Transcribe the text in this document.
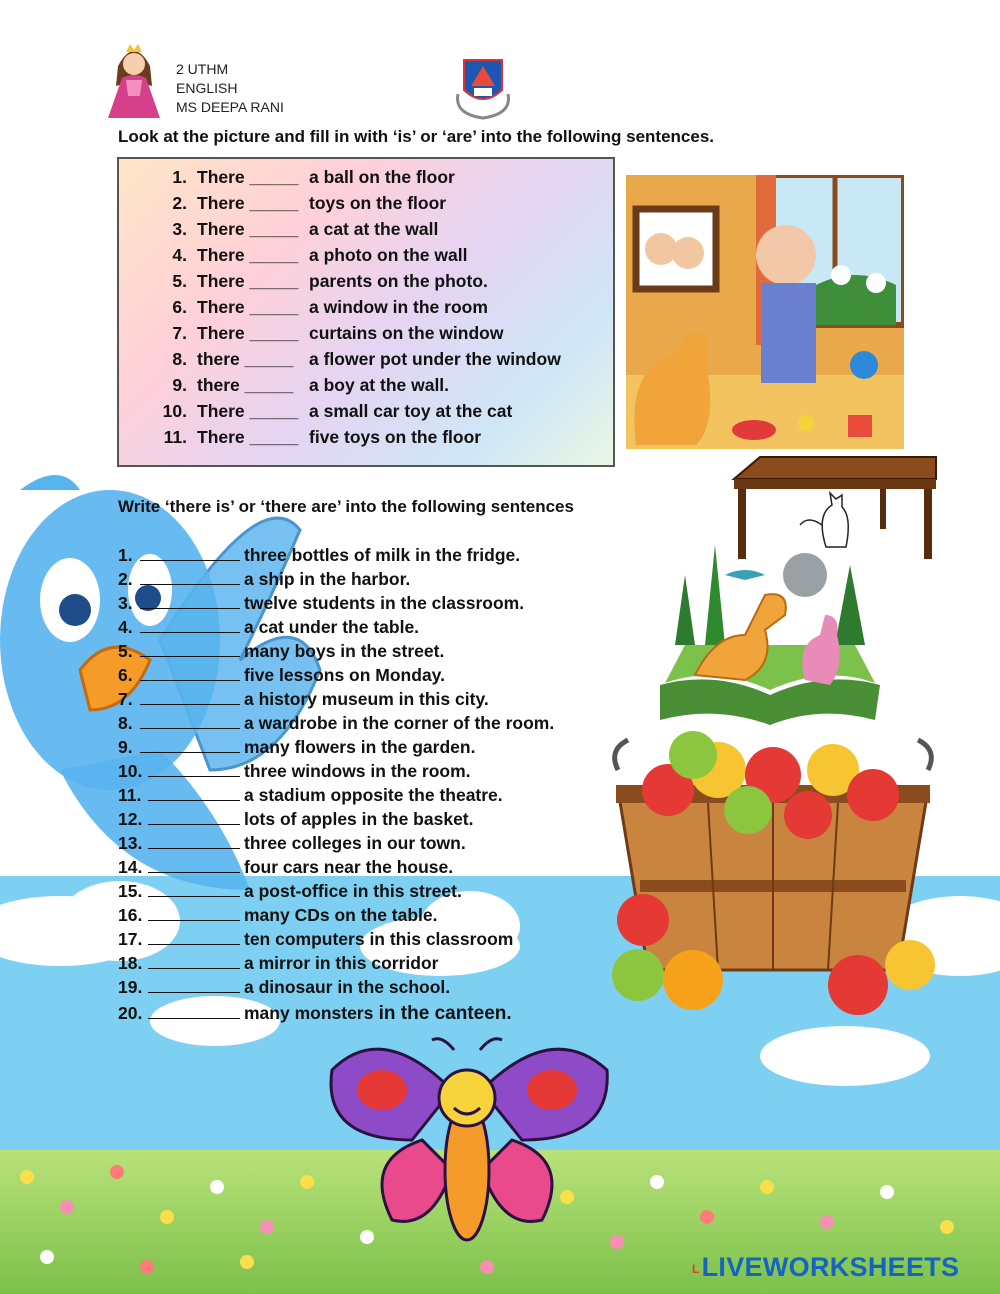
2 UTHM
ENGLISH
MS DEEPA RANI
Look at the picture and fill in with ‘is’ or ‘are’ into the following sentences.
1. There _____ a ball on the floor
2. There _____ toys on the floor
3. There _____ a cat at the wall
4. There _____ a photo on the wall
5. There _____ parents on the photo.
6. There _____ a window in the room
7. There _____ curtains on the window
8. there _____ a flower pot under the window
9. there _____ a boy at the wall.
10. There _____ a small car toy at the cat
11. There _____ five toys on the floor
Write ‘there is’ or ‘there are’ into the following sentences
1.	three bottles of milk in the fridge.
2.	a ship in the harbor.
3.	twelve students in the classroom.
4.	a cat under the table.
5.	many boys in the street.
6.	five lessons on Monday.
7.	a history museum in this city.
8.	a wardrobe in the corner of the room.
9.	many flowers in the garden.
10.	three windows in the room.
11.	a stadium opposite the theatre.
12.	lots of apples in the basket.
13.	three colleges in our town.
14.	four cars near the house.
15.	a post-office in this street.
16.	many CDs on the table.
17.	ten computers in this classroom
18.	a mirror in this corridor
19.	a dinosaur in the school.
20.	many monsters in the canteen.
LLIVEWORKSHEETS
